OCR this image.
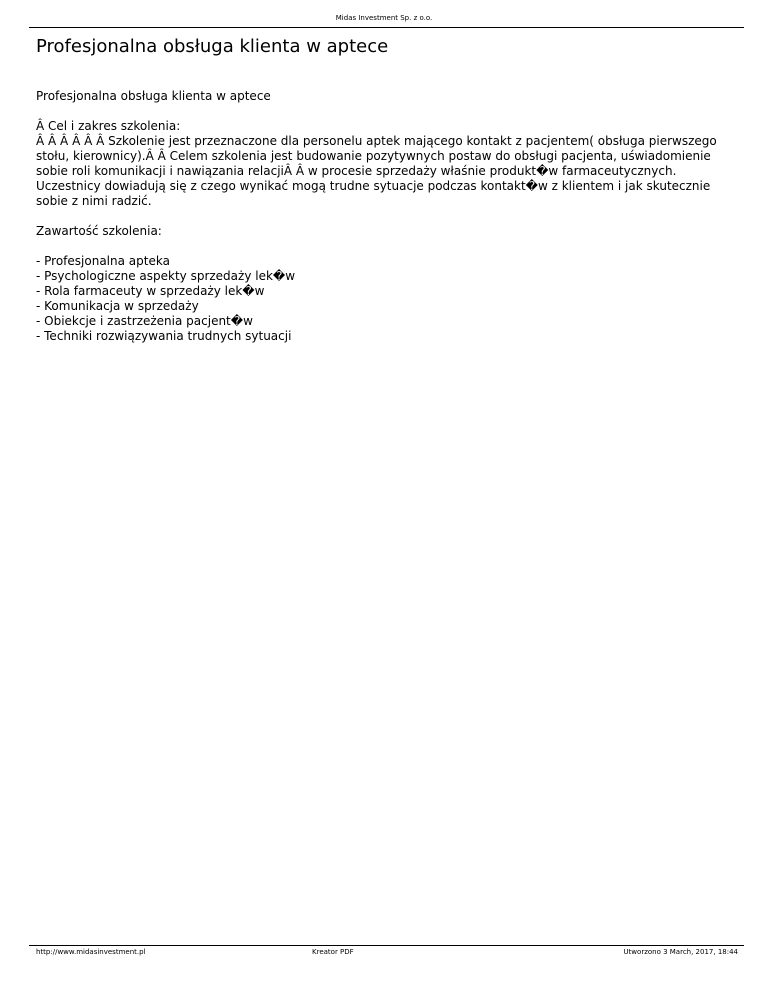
Midas Investment Sp. z o.o.
Profesjonalna obsługa klienta w aptece

Profesjonalna obsługa klienta w aptece

Â Cel i zakres szkolenia:

Â Â Â Â Â Â Szkolenie jest przeznaczone dla personelu aptek mającego kontakt z pacjentem( obsługa pierwszego stołu, kierownicy).Â Â Celem szkolenia jest budowanie pozytywnych postaw do obsługi pacjenta, uświadomienie sobie roli komunikacji i nawiązania relacjiÂ Â w procesie sprzedaży właśnie produkt�w farmaceutycznych. Uczestnicy dowiadują się z czego wynikać mogą trudne sytuacje podczas kontakt�w z klientem i jak skutecznie sobie z nimi radzić.

Zawartość szkolenia:

- Profesjonalna apteka
- Psychologiczne aspekty sprzedaży lek�w
- Rola farmaceuty w sprzedaży lek�w
- Komunikacja w sprzedaży
- Obiekcje i zastrzeżenia pacjent�w
- Techniki rozwiązywania trudnych sytuacji
http://www.midasinvestment.pl	Kreator PDF	Utworzono 3 March, 2017, 18:44
